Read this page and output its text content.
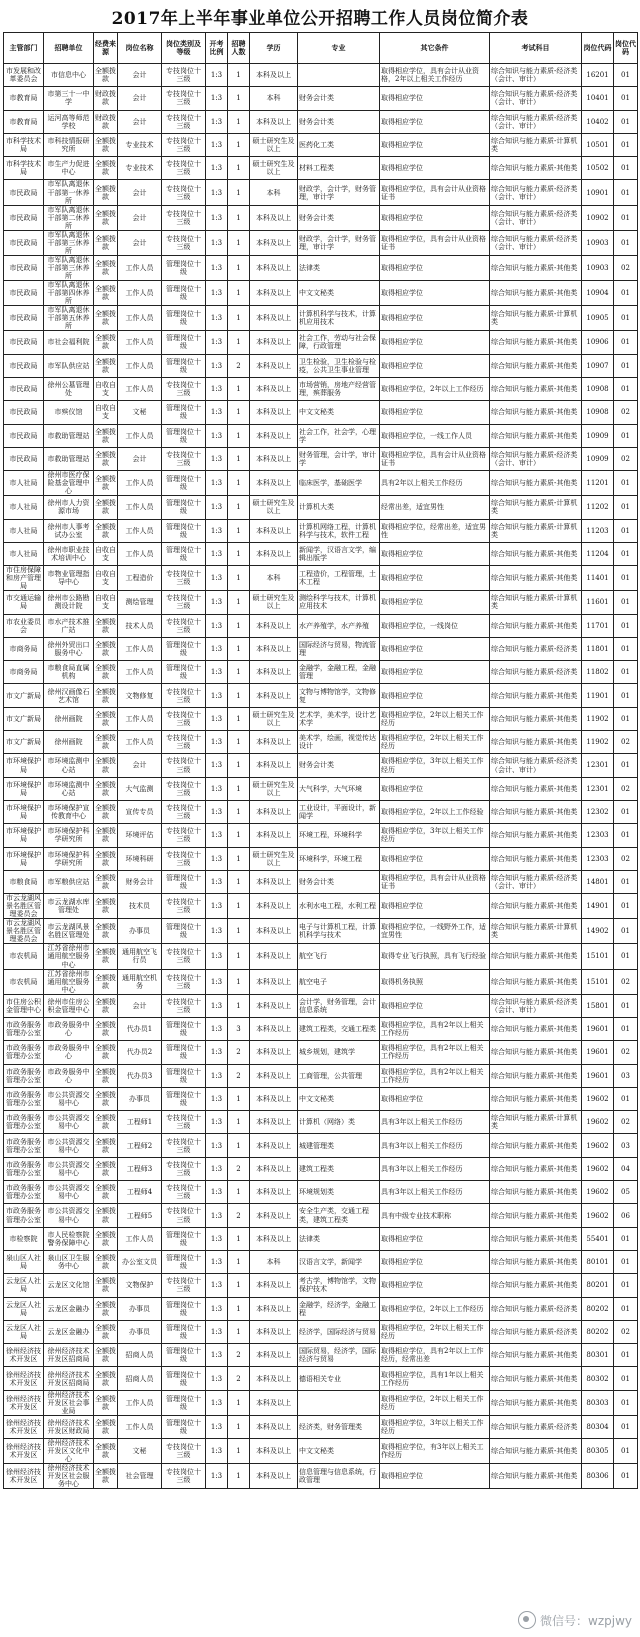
2017年上半年事业单位公开招聘工作人员岗位简介表
主管部门	招聘单位	经费来源	岗位名称	岗位类别及等级	开考比例	招聘人数	学历	专业	其它条件	考试科目	岗位代码	岗位代码
市发展和改革委员会	市信息中心	全额拨款	会计	专技岗位十三级	1:3	1	本科及以上		取得相应学位，具有会计从业资格，2年以上相关工作经历	综合知识与能力素质-经济类（会计、审计）	16201	01
市教育局	市第三十一中学	财政拨款	会计	专技岗位十三级	1:3	1	本科	财务会计类	取得相应学位	综合知识与能力素质-经济类（会计、审计）	10401	01
市教育局	运河高等师范学校	财政拨款	会计	专技岗位十三级	1:3	1	本科及以上	财务会计类	取得相应学位	综合知识与能力素质-经济类（会计、审计）	10402	01
市科学技术局	市科技情报研究所	全额拨款	专业技术	专技岗位十三级	1:3	1	硕士研究生及以上	医药化工类	取得相应学位	综合知识与能力素质-计算机类	10501	01
市科学技术局	市生产力促进中心	全额拨款	专业技术	专技岗位十三级	1:3	1	硕士研究生及以上	材料工程类	取得相应学位	综合知识与能力素质-其他类	10502	01
市民政局	市军队离退休干部第一休养所	全额拨款	会计	专技岗位十三级	1:3	1	本科	财政学，会计学，财务管理，审计学	取得相应学位，具有会计从业资格证书	综合知识与能力素质-经济类（会计、审计）	10901	01
市民政局	市军队离退休干部第二休养所	全额拨款	会计	专技岗位十三级	1:3	1	本科及以上	财务会计类	取得相应学位	综合知识与能力素质-经济类（会计、审计）	10902	01
市民政局	市军队离退休干部第三休养所	全额拨款	会计	专技岗位十三级	1:3	1	本科及以上	财政学，会计学，财务管理，审计学	取得相应学位，具有会计从业资格证书	综合知识与能力素质-经济类（会计、审计）	10903	01
市民政局	市军队离退休干部第三休养所	全额拨款	工作人员	管理岗位十级	1:3	1	本科及以上	法律类	取得相应学位	综合知识与能力素质-其他类	10903	02
市民政局	市军队离退休干部第四休养所	全额拨款	工作人员	管理岗位十级	1:3	1	本科及以上	中文文秘类	取得相应学位	综合知识与能力素质-其他类	10904	01
市民政局	市军队离退休干部第五休养所	全额拨款	工作人员	管理岗位十级	1:3	1	本科及以上	计算机科学与技术，计算机应用技术	取得相应学位	综合知识与能力素质-计算机类	10905	01
市民政局	市社会福利院	全额拨款	工作人员	管理岗位十级	1:3	1	本科及以上	社会工作，劳动与社会保障，行政管理	取得相应学位	综合知识与能力素质-其他类	10906	01
市民政局	市军队供应站	全额拨款	工作人员	管理岗位十级	1:3	2	本科及以上	卫生检验，卫生检验与检疫，公共卫生事业管理	取得相应学位	综合知识与能力素质-其他类	10907	01
市民政局	徐州公墓管理处	自收自支	工作人员	专技岗位十三级	1:3	1	本科及以上	市场营销，房地产经营管理，殡葬服务	取得相应学位，2年以上工作经历	综合知识与能力素质-其他类	10908	01
市民政局	市殡仪馆	自收自支	文秘	管理岗位十级	1:3	1	本科及以上	中文文秘类	取得相应学位	综合知识与能力素质-其他类	10908	02
市民政局	市救助管理站	全额拨款	工作人员	管理岗位十级	1:3	1	本科及以上	社会工作，社会学，心理学	取得相应学位，一线工作人员	综合知识与能力素质-其他类	10909	01
市民政局	市救助管理站	全额拨款	会计	专技岗位十三级	1:3	1	本科及以上	财务管理，会计学，审计学	取得相应学位，具有会计从业资格证书	综合知识与能力素质-经济类（会计、审计）	10909	02
市人社局	徐州市医疗保险基金管理中心	全额拨款	工作人员	管理岗位十级	1:3	1	本科及以上	临床医学，基础医学	具有2年以上相关工作经历	综合知识与能力素质-其他类	11201	01
市人社局	徐州市人力资源市场	全额拨款	工作人员	管理岗位十级	1:3	1	硕士研究生及以上	计算机大类	经常出差，适宜男性	综合知识与能力素质-计算机类	11202	01
市人社局	徐州市人事考试办公室	全额拨款	工作人员	管理岗位十级	1:3	1	本科及以上	计算机网络工程，计算机科学与技术，软件工程	取得相应学位，经常出差，适宜男性	综合知识与能力素质-计算机类	11203	01
市人社局	徐州市职业技术培训中心	自收自支	工作人员	管理岗位十级	1:3	1	本科及以上	新闻学，汉语言文学，编辑出版学	取得相应学位	综合知识与能力素质-其他类	11204	01
市住房保障和房产管理局	市物业管理指导中心	自收自支	工程造价	专技岗位十三级	1:3	1	本科	工程造价，工程管理，土木工程	取得相应学位	综合知识与能力素质-其他类	11401	01
市交通运输局	徐州市公路勘测设计院	自收自支	测绘管理	专技岗位十三级	1:3	1	硕士研究生及以上	测绘科学与技术，计算机应用技术	取得相应学位	综合知识与能力素质-计算机类	11601	01
市农业委员会	市水产技术推广站	全额拨款	技术人员	专技岗位十三级	1:3	1	本科及以上	水产养殖学，水产养殖	取得相应学位，一线岗位	综合知识与能力素质-其他类	11701	01
市商务局	徐州外贸出口服务中心	全额拨款	工作人员	管理岗位十级	1:3	1	本科及以上	国际经济与贸易，物流管理	取得相应学位	综合知识与能力素质-经济类	11801	01
市商务局	市粮食局直属机构	全额拨款	工作人员	管理岗位十级	1:3	1	本科及以上	金融学，金融工程，金融管理	取得相应学位	综合知识与能力素质-经济类	11802	01
市文广新局	徐州汉画像石艺术馆	全额拨款	文物修复	专技岗位十三级	1:3	1	本科及以上	文物与博物馆学，文物修复	取得相应学位	综合知识与能力素质-其他类	11901	01
市文广新局	徐州画院	全额拨款	工作人员	专技岗位十三级	1:3	1	硕士研究生及以上	艺术学，美术学，设计艺术学	取得相应学位，2年以上相关工作经历	综合知识与能力素质-其他类	11902	01
市文广新局	徐州画院	全额拨款	工作人员	专技岗位十三级	1:3	1	本科及以上	美术学，绘画，视觉传达设计	取得相应学位，2年以上相关工作经历	综合知识与能力素质-其他类	11902	02
市环境保护局	市环境监测中心站	全额拨款	会计	专技岗位十三级	1:3	1	本科及以上	财务会计类	取得相应学位，3年以上相关工作经历	综合知识与能力素质-经济类（会计、审计）	12301	01
市环境保护局	市环境监测中心站	全额拨款	大气监测	专技岗位十三级	1:3	1	硕士研究生及以上	大气科学，大气环境	取得相应学位	综合知识与能力素质-其他类	12301	02
市环境保护局	市环境保护宣传教育中心	全额拨款	宣传专员	专技岗位十三级	1:3	1	本科及以上	工业设计，平面设计，新闻学	取得相应学位，2年以上工作经验	综合知识与能力素质-其他类	12302	01
市环境保护局	市环境保护科学研究所	全额拨款	环境评估	专技岗位十三级	1:3	1	本科及以上	环境工程，环境科学	取得相应学位，3年以上相关工作经历	综合知识与能力素质-其他类	12303	01
市环境保护局	市环境保护科学研究所	全额拨款	环境科研	专技岗位十三级	1:3	1	硕士研究生及以上	环境科学，环境工程	取得相应学位	综合知识与能力素质-其他类	12303	02
市粮食局	市军粮供应站	全额拨款	财务会计	管理岗位十级	1:3	1	本科及以上	财务会计类	取得相应学位，具有会计从业资格证书	综合知识与能力素质-经济类（会计、审计）	14801	01
市云龙湖风景名胜区管理委员会	市云龙湖水库管理处	全额拨款	技术员	专技岗位十三级	1:3	1	本科及以上	水利水电工程，水利工程	取得相应学位	综合知识与能力素质-其他类	14901	01
市云龙湖风景名胜区管理委员会	市云龙湖风景名胜区管理处	全额拨款	办事员	管理岗位十级	1:3	1	本科及以上	电子与计算机工程，计算机科学与技术	取得相应学位，一线野外工作，适宜男性	综合知识与能力素质-计算机类	14902	01
市农机局	江苏省徐州市通用航空服务中心	全额拨款	通用航空飞行员	专技岗位十三级	1:3	1	本科及以上	航空飞行	取得专业飞行执照，具有飞行经验	综合知识与能力素质-其他类	15101	01
市农机局	江苏省徐州市通用航空服务中心	全额拨款	通用航空机务	专技岗位十三级	1:3	1	本科及以上	航空电子	取得机务执照	综合知识与能力素质-其他类	15101	02
市住房公积金管理中心	徐州市住房公积金管理中心	全额拨款	会计	专技岗位十三级	1:3	1	本科及以上	会计学，财务管理，会计信息系统	取得相应学位	综合知识与能力素质-经济类（会计、审计）	15801	01
市政务服务管理办公室	市政务服务中心	全额拨款	代办员1	管理岗位十级	1:3	3	本科及以上	建筑工程类，交通工程类	取得相应学位，具有2年以上相关工作经历	综合知识与能力素质-其他类	19601	01
市政务服务管理办公室	市政务服务中心	全额拨款	代办员2	管理岗位十级	1:3	2	本科及以上	城乡规划，建筑学	取得相应学位，具有2年以上相关工作经历	综合知识与能力素质-其他类	19601	02
市政务服务管理办公室	市政务服务中心	全额拨款	代办员3	管理岗位十级	1:3	2	本科及以上	工商管理，公共管理	取得相应学位，具有2年以上相关工作经历	综合知识与能力素质-其他类	19601	03
市政务服务管理办公室	市公共资源交易中心	全额拨款	办事员	管理岗位十级	1:3	1	本科及以上	中文文秘类	取得相应学位	综合知识与能力素质-其他类	19602	01
市政务服务管理办公室	市公共资源交易中心	全额拨款	工程师1	专技岗位十三级	1:3	1	本科及以上	计算机（网络）类	具有3年以上相关工作经历	综合知识与能力素质-计算机类	19602	02
市政务服务管理办公室	市公共资源交易中心	全额拨款	工程师2	专技岗位十三级	1:3	1	本科及以上	城建管理类	具有3年以上相关工作经历	综合知识与能力素质-其他类	19602	03
市政务服务管理办公室	市公共资源交易中心	全额拨款	工程师3	专技岗位十三级	1:3	2	本科及以上	建筑工程类	具有3年以上相关工作经历	综合知识与能力素质-其他类	19602	04
市政务服务管理办公室	市公共资源交易中心	全额拨款	工程师4	专技岗位十三级	1:3	1	本科及以上	环境规划类	具有3年以上相关工作经历	综合知识与能力素质-其他类	19602	05
市政务服务管理办公室	市公共资源交易中心	全额拨款	工程师5	专技岗位十三级	1:3	2	本科及以上	安全生产类，交通工程类，建筑工程类	具有中级专业技术职称	综合知识与能力素质-其他类	19602	06
市检察院	市人民检察院警务保障中心	全额拨款	工作人员	管理岗位十级	1:3	1	本科及以上	法律类	取得相应学位	综合知识与能力素质-其他类	55401	01
泉山区人社局	泉山区卫生服务中心	全额拨款	办公室文员	管理岗位十级	1:3	1	本科	汉语言文学，新闻学	取得相应学位	综合知识与能力素质-其他类	80101	01
云龙区人社局	云龙区文化馆	全额拨款	文物保护	专技岗位十三级	1:3	1	本科及以上	考古学，博物馆学，文物保护技术	取得相应学位	综合知识与能力素质-其他类	80201	01
云龙区人社局	云龙区金融办	全额拨款	办事员	管理岗位十级	1:3	1	本科及以上	金融学，经济学，金融工程	取得相应学位，2年以上工作经历	综合知识与能力素质-经济类	80202	01
云龙区人社局	云龙区金融办	全额拨款	办事员	管理岗位十级	1:3	1	本科及以上	经济学，国际经济与贸易	取得相应学位，2年以上相关工作经历	综合知识与能力素质-经济类	80202	02
徐州经济技术开发区	徐州经济技术开发区招商局	全额拨款	招商人员	管理岗位十级	1:3	2	本科及以上	国际贸易，经济学，国际经济与贸易	取得相应学位，具有2年以上工作经历，经常出差	综合知识与能力素质-其他类	80301	01
徐州经济技术开发区	徐州经济技术开发区招商局	全额拨款	招商人员	管理岗位十级	1:3	2	本科及以上	德语相关专业	取得相应学位，具有1年以上相关工作经历	综合知识与能力素质-其他类	80302	01
徐州经济技术开发区	徐州经济技术开发区社会事业局	全额拨款	工作人员	管理岗位十级	1:3	1	本科及以上		取得相应学位，2年以上相关工作经历	综合知识与能力素质-其他类	80303	01
徐州经济技术开发区	徐州经济技术开发区财政局	全额拨款	工作人员	管理岗位十级	1:3	1	本科及以上	经济类，财务管理类	取得相应学位，3年以上相关工作经历	综合知识与能力素质-经济类	80304	01
徐州经济技术开发区	徐州经济技术开发区文化中心	全额拨款	文秘	专技岗位十三级	1:3	1	本科及以上	中文文秘类	取得相应学位，有3年以上相关工作经历	综合知识与能力素质-其他类	80305	01
徐州经济技术开发区	徐州经济技术开发区社会服务中心	全额拨款	社会管理	专技岗位十三级	1:3	1	本科及以上	信息管理与信息系统，行政管理	取得相应学位	综合知识与能力素质-其他类	80306	01
微信号：wzpjwy
